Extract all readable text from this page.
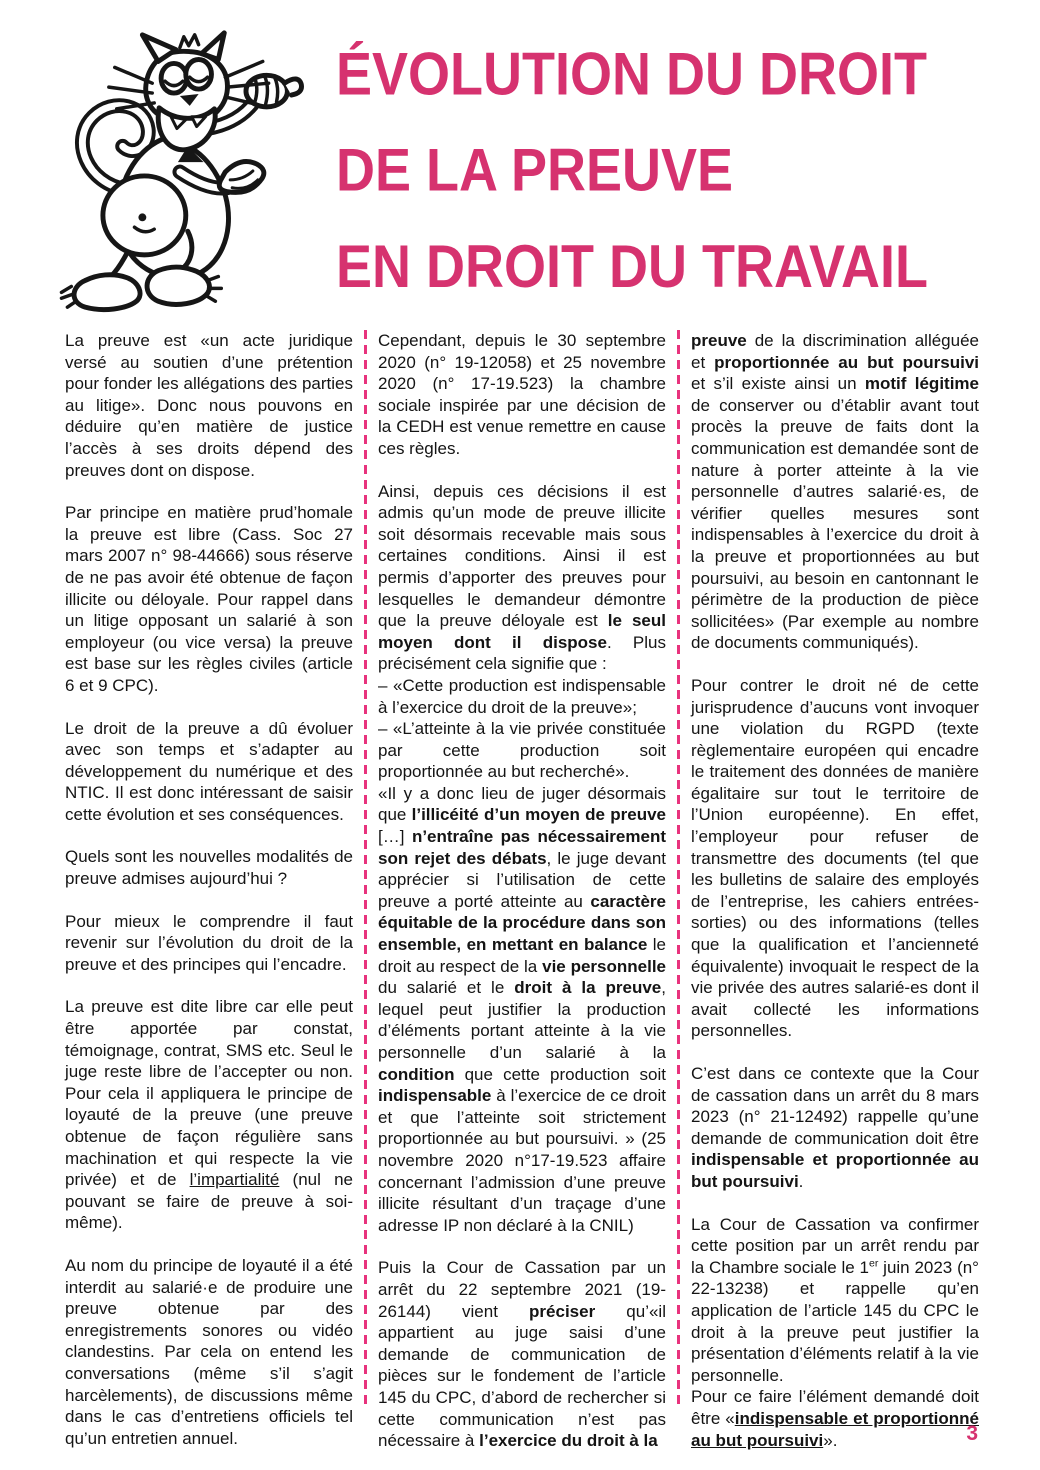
ÉVOLUTION DU DROIT
DE LA PREUVE
EN DROIT DU TRAVAIL

La preuve est «un acte juridique versé au soutien d’une prétention pour fonder les allégations des parties au litige». Donc nous pouvons en déduire qu’en matière de justice l’accès à ses droits dépend des preuves dont on dispose.

Par principe en matière prud’homale la preuve est libre (Cass. Soc 27 mars 2007 n° 98-44666) sous réserve de ne pas avoir été obtenue de façon illicite ou déloyale. Pour rappel dans un litige opposant un salarié à son employeur (ou vice versa) la preuve est base sur les règles civiles (article 6 et 9 CPC).

Le droit de la preuve a dû évoluer avec son temps et s’adapter au développement du numérique et des NTIC. Il est donc intéressant de saisir cette évolution et ses conséquences.

Quels sont les nouvelles modalités de preuve admises aujourd’hui ?

Pour mieux le comprendre il faut revenir sur l’évolution du droit de la preuve et des principes qui l’encadre.

La preuve est dite libre car elle peut être apportée par constat, témoignage, contrat, SMS etc. Seul le juge reste libre de l’accepter ou non. Pour cela il appliquera le principe de loyauté de la preuve (une preuve obtenue de façon régulière sans machination et qui respecte la vie privée) et de l’impartialité (nul ne pouvant se faire de preuve à soi-même).

Au nom du principe de loyauté il a été interdit au salarié·e de produire une preuve obtenue par des enregistrements sonores ou vidéo clandestins. Par cela on entend les conversations (même s’il s’agit harcèlements), de discussions même dans le cas d’entretiens officiels tel qu’un entretien annuel.

Cependant, depuis le 30 septembre 2020 (n° 19-12058) et 25 novembre 2020 (n° 17-19.523) la chambre sociale inspirée par une décision de la CEDH est venue remettre en cause ces règles.

Ainsi, depuis ces décisions il est admis qu’un mode de preuve illicite soit désormais recevable mais sous certaines conditions. Ainsi il est permis d’apporter des preuves pour lesquelles le demandeur démontre que la preuve déloyale est le seul moyen dont il dispose. Plus précisément cela signifie que :

– «Cette production est indispensable à l’exercice du droit de la preuve»;

– «L’atteinte à la vie privée constituée par cette production soit proportionnée au but recherché».

«Il y a donc lieu de juger désormais que l’illicéité d’un moyen de preuve […] n’entraîne pas nécessairement son rejet des débats, le juge devant apprécier si l’utilisation de cette preuve a porté atteinte au caractère équitable de la procédure dans son ensemble, en mettant en balance le droit au respect de la vie personnelle du salarié et le droit à la preuve, lequel peut justifier la production d’éléments portant atteinte à la vie personnelle d’un salarié à la condition que cette production soit indispensable à l’exercice de ce droit et que l’atteinte soit strictement proportionnée au but poursuivi. » (25 novembre 2020 n°17-19.523 affaire concernant l’admission d’une preuve illicite résultant d’un traçage d’une adresse IP non déclaré à la CNIL)

Puis la Cour de Cassation par un arrêt du 22 septembre 2021 (19-26144) vient préciser qu’«il appartient au juge saisi d’une demande de communication de pièces sur le fondement de l’article 145 du CPC, d’abord de rechercher si cette communication n’est pas nécessaire à l’exercice du droit à la

preuve de la discrimination alléguée et proportionnée au but poursuivi et s’il existe ainsi un motif légitime de conserver ou d’établir avant tout procès la preuve de faits dont la communication est demandée sont de nature à porter atteinte à la vie personnelle d’autres salarié·es, de vérifier quelles mesures sont indispensables à l’exercice du droit à la preuve et proportionnées au but poursuivi, au besoin en cantonnant le périmètre de la production de pièce sollicitées» (Par exemple au nombre de documents communiqués).

Pour contrer le droit né de cette jurisprudence d’aucuns vont invoquer une violation du RGPD (texte règlementaire européen qui encadre le traitement des données de manière égalitaire sur tout le territoire de l’Union européenne). En effet, l’employeur pour refuser de transmettre des documents (tel que les bulletins de salaire des employés de l’entreprise, les cahiers entrées-sorties) ou des informations (telles que la qualification et l’ancienneté équivalente) invoquait le respect de la vie privée des autres salarié-es dont il avait collecté les informations personnelles.

C’est dans ce contexte que la Cour de cassation dans un arrêt du 8 mars 2023 (n° 21-12492) rappelle qu’une demande de communication doit être indispensable et proportionnée au but poursuivi.

La Cour de Cassation va confirmer cette position par un arrêt rendu par la Chambre sociale le 1er juin 2023 (n° 22-13238) et rappelle qu’en application de l’article 145 du CPC le droit à la preuve peut justifier la présentation d’éléments relatif à la vie personnelle.

Pour ce faire l’élément demandé doit être «indispensable et proportionné au but poursuivi».	3
